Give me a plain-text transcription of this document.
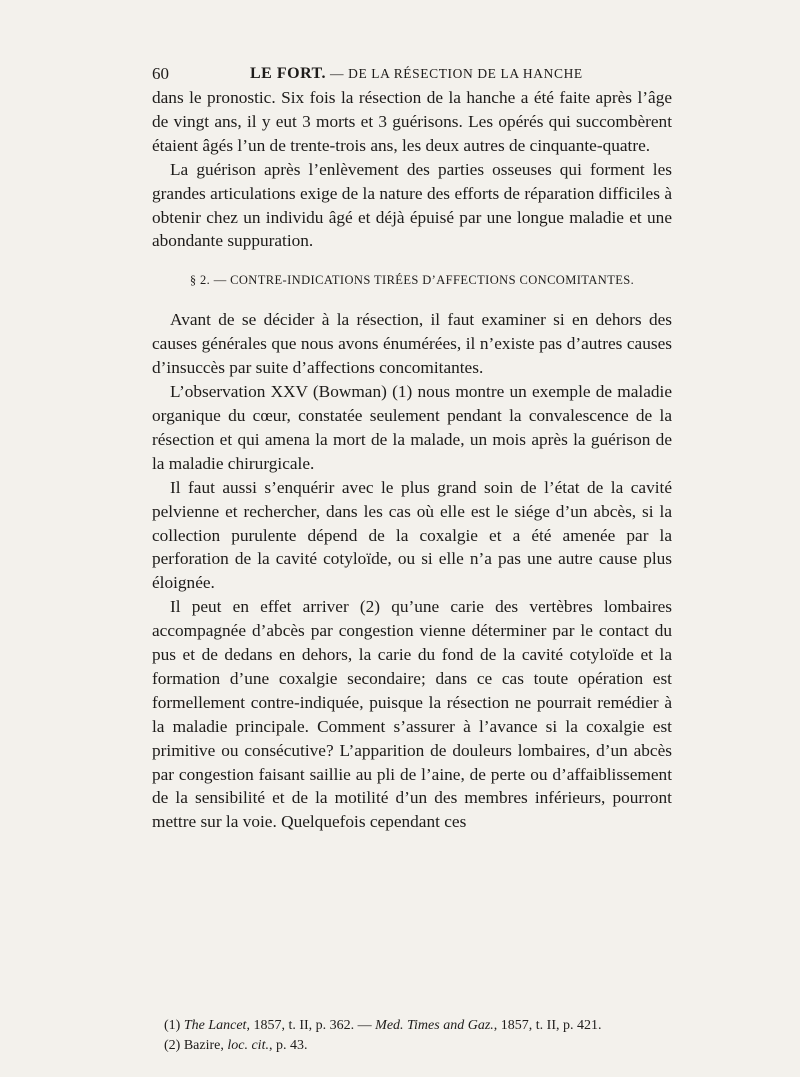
60	LE FORT. — DE LA RÉSECTION DE LA HANCHE

dans le pronostic. Six fois la résection de la hanche a été faite après l’âge de vingt ans, il y eut 3 morts et 3 guérisons. Les opérés qui succombèrent étaient âgés l’un de trente-trois ans, les deux autres de cinquante-quatre.

La guérison après l’enlèvement des parties osseuses qui forment les grandes articulations exige de la nature des efforts de réparation difficiles à obtenir chez un individu âgé et déjà épuisé par une longue maladie et une abondante suppuration.

§ 2. — CONTRE-INDICATIONS TIRÉES D’AFFECTIONS CONCOMITANTES.

Avant de se décider à la résection, il faut examiner si en dehors des causes générales que nous avons énumérées, il n’existe pas d’autres causes d’insuccès par suite d’affections concomitantes.

L’observation XXV (Bowman) (1) nous montre un exemple de maladie organique du cœur, constatée seulement pendant la convalescence de la résection et qui amena la mort de la malade, un mois après la guérison de la maladie chirurgicale.

Il faut aussi s’enquérir avec le plus grand soin de l’état de la cavité pelvienne et rechercher, dans les cas où elle est le siége d’un abcès, si la collection purulente dépend de la coxalgie et a été amenée par la perforation de la cavité cotyloïde, ou si elle n’a pas une autre cause plus éloignée.

Il peut en effet arriver (2) qu’une carie des vertèbres lombaires accompagnée d’abcès par congestion vienne déterminer par le contact du pus et de dedans en dehors, la carie du fond de la cavité cotyloïde et la formation d’une coxalgie secondaire; dans ce cas toute opération est formellement contre-indiquée, puisque la résection ne pourrait remédier à la maladie principale. Comment s’assurer à l’avance si la coxalgie est primitive ou consécutive? L’apparition de douleurs lombaires, d’un abcès par congestion faisant saillie au pli de l’aine, de perte ou d’affaiblissement de la sensibilité et de la motilité d’un des membres inférieurs, pourront mettre sur la voie. Quelquefois cependant ces

(1) The Lancet, 1857, t. II, p. 362. — Med. Times and Gaz., 1857, t. II, p. 421.
(2) Bazire, loc. cit., p. 43.
